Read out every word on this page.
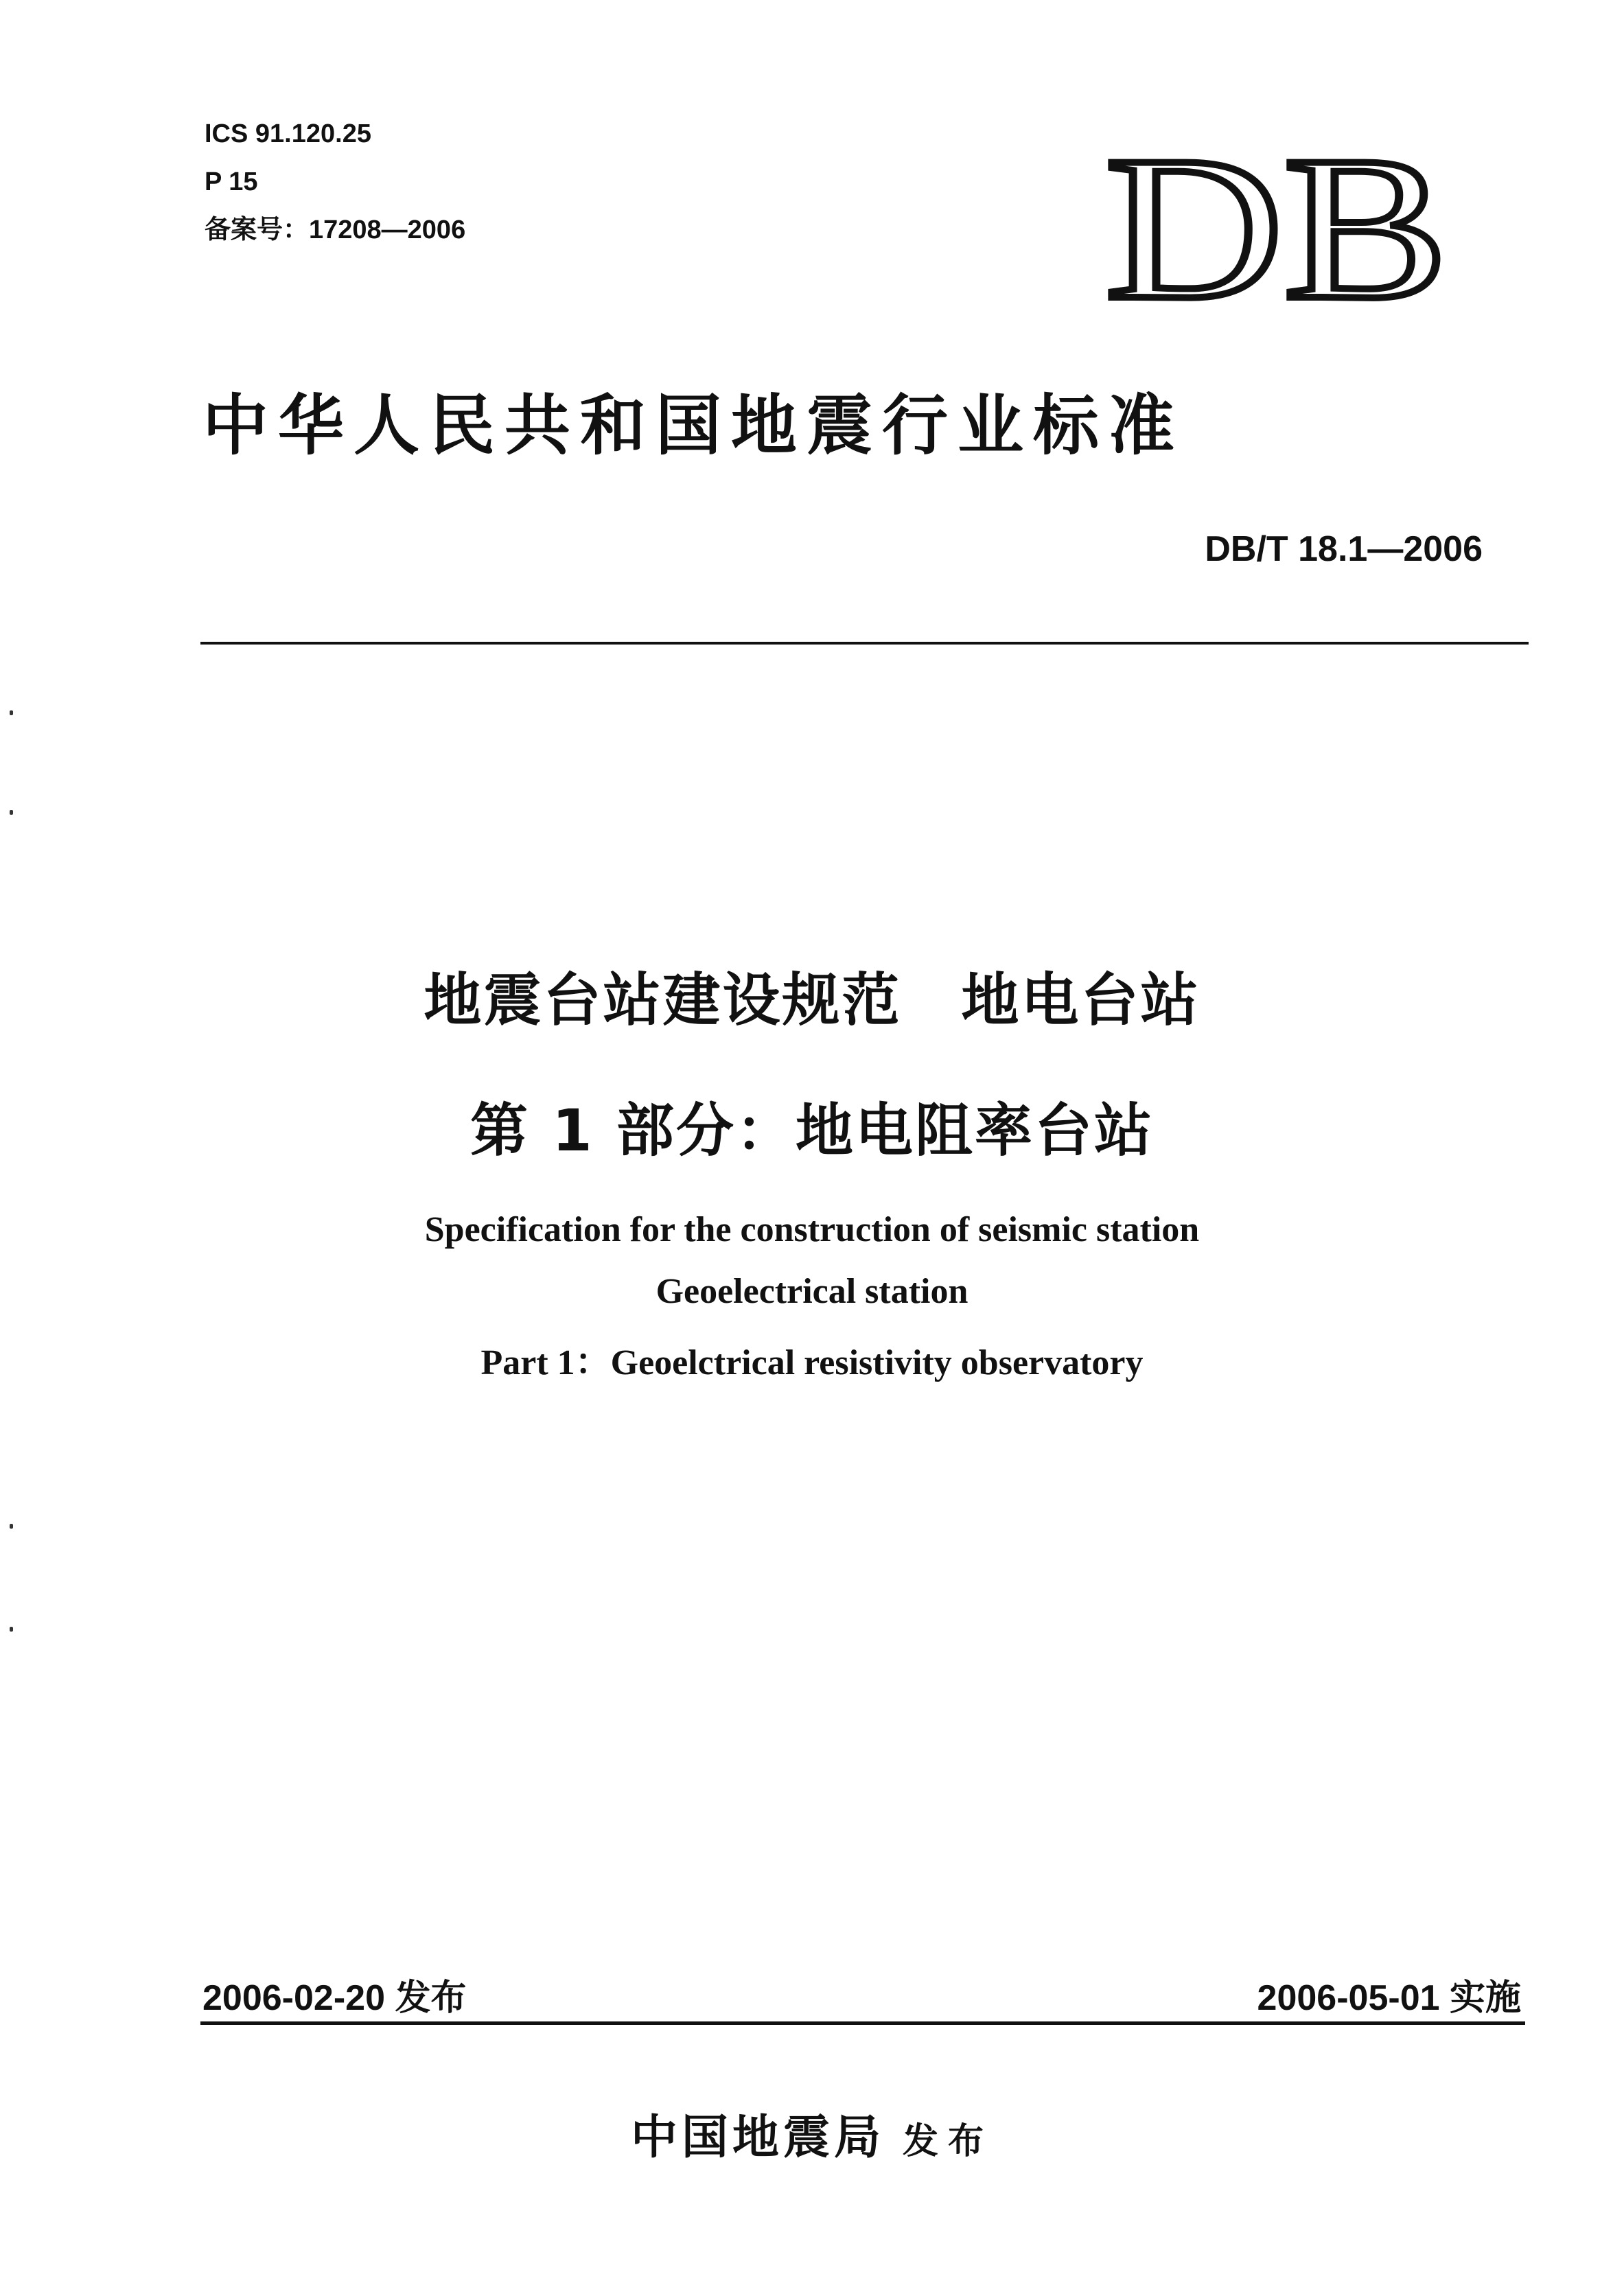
ICS 91.120.25
P 15
备案号：17208—2006	DB
中华人民共和国地震行业标准
DB/T 18.1—2006
地震台站建设规范　地电台站
第 1 部分：地电阻率台站
Specification for the construction of seismic station
Geoelectrical station
Part 1：Geoelctrical resistivity observatory
2006-02-20 发布	2006-05-01 实施
中国地震局 发布
